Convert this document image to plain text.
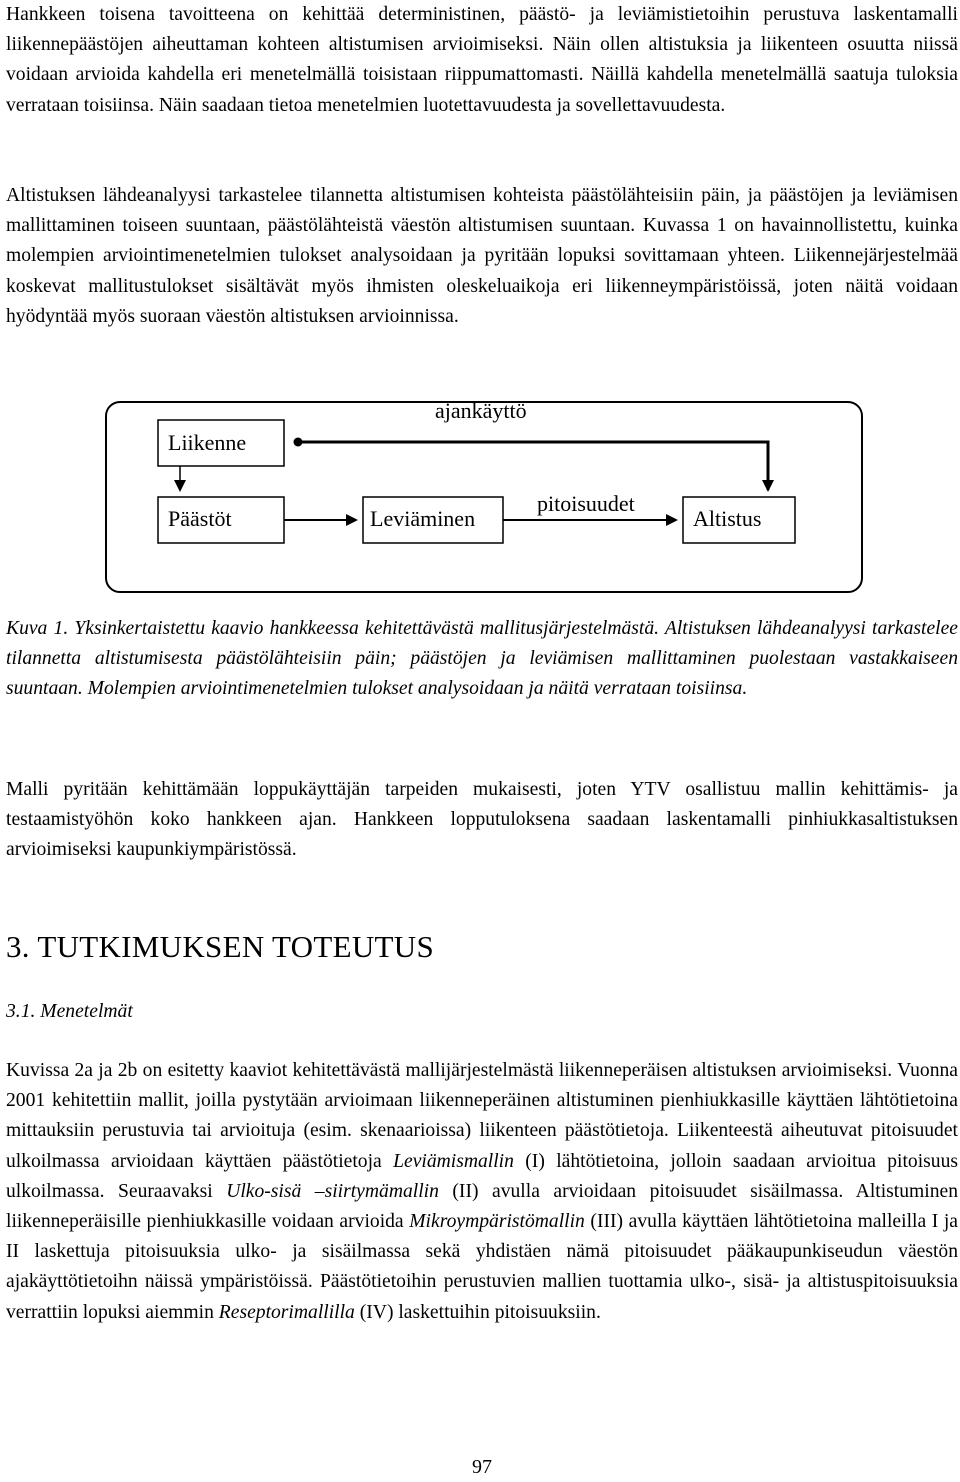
Hankkeen toisena tavoitteena on kehittää deterministinen, päästö- ja leviämistietoihin perustuva laskentamalli liikennepäästöjen aiheuttaman kohteen altistumisen arvioimiseksi. Näin ollen altistuksia ja liikenteen osuutta niissä voidaan arvioida kahdella eri menetelmällä toisistaan riippumattomasti. Näillä kahdella menetelmällä saatuja tuloksia verrataan toisiinsa. Näin saadaan tietoa menetelmien luotettavuudesta ja sovellettavuudesta.

Altistuksen lähdeanalyysi tarkastelee tilannetta altistumisen kohteista päästölähteisiin päin, ja päästöjen ja leviämisen mallittaminen toiseen suuntaan, päästölähteistä väestön altistumisen suuntaan. Kuvassa 1 on havainnollistettu, kuinka molempien arviointimenetelmien tulokset analysoidaan ja pyritään lopuksi sovittamaan yhteen. Liikennejärjestelmää koskevat mallitustulokset sisältävät myös ihmisten oleskeluaikoja eri liikenneympäristöissä, joten näitä voidaan hyödyntää myös suoraan väestön altistuksen arvioinnissa.

Liikenne
ajankäyttö
Päästöt	Leviäminen
pitoisuudet
Altistus

Kuva 1. Yksinkertaistettu kaavio hankkeessa kehitettävästä mallitusjärjestelmästä. Altistuksen lähdeanalyysi tarkastelee tilannetta altistumisesta päästölähteisiin päin; päästöjen ja leviämisen mallittaminen puolestaan vastakkaiseen suuntaan. Molempien arviointimenetelmien tulokset analysoidaan ja näitä verrataan toisiinsa.

Malli pyritään kehittämään loppukäyttäjän tarpeiden mukaisesti, joten YTV osallistuu mallin kehittämis- ja testaamistyöhön koko hankkeen ajan. Hankkeen lopputuloksena saadaan laskentamalli pinhiukkasaltistuksen arvioimiseksi kaupunkiympäristössä.

3. TUTKIMUKSEN TOTEUTUS
3.1. Menetelmät

Kuvissa 2a ja 2b on esitetty kaaviot kehitettävästä mallijärjestelmästä liikenneperäisen altistuksen arvioimiseksi. Vuonna 2001 kehitettiin mallit, joilla pystytään arvioimaan liikenneperäinen altistuminen pienhiukkasille käyttäen lähtötietoina mittauksiin perustuvia tai arvioituja (esim. skenaarioissa) liikenteen päästötietoja. Liikenteestä aiheutuvat pitoisuudet ulkoilmassa arvioidaan käyttäen päästötietoja Leviämismallin (I) lähtötietoina, jolloin saadaan arvioitua pitoisuus ulkoilmassa. Seuraavaksi Ulko-sisä –siirtymämallin (II) avulla arvioidaan pitoisuudet sisäilmassa. Altistuminen liikenneperäisille pienhiukkasille voidaan arvioida Mikroympäristömallin (III) avulla käyttäen lähtötietoina malleilla I ja II laskettuja pitoisuuksia ulko- ja sisäilmassa sekä yhdistäen nämä pitoisuudet pääkaupunkiseudun väestön ajakäyttötietoihn näissä ympäristöissä. Päästötietoihin perustuvien mallien tuottamia ulko-, sisä- ja altistuspitoisuuksia verrattiin lopuksi aiemmin Reseptorimallilla (IV) laskettuihin pitoisuuksiin.

97
